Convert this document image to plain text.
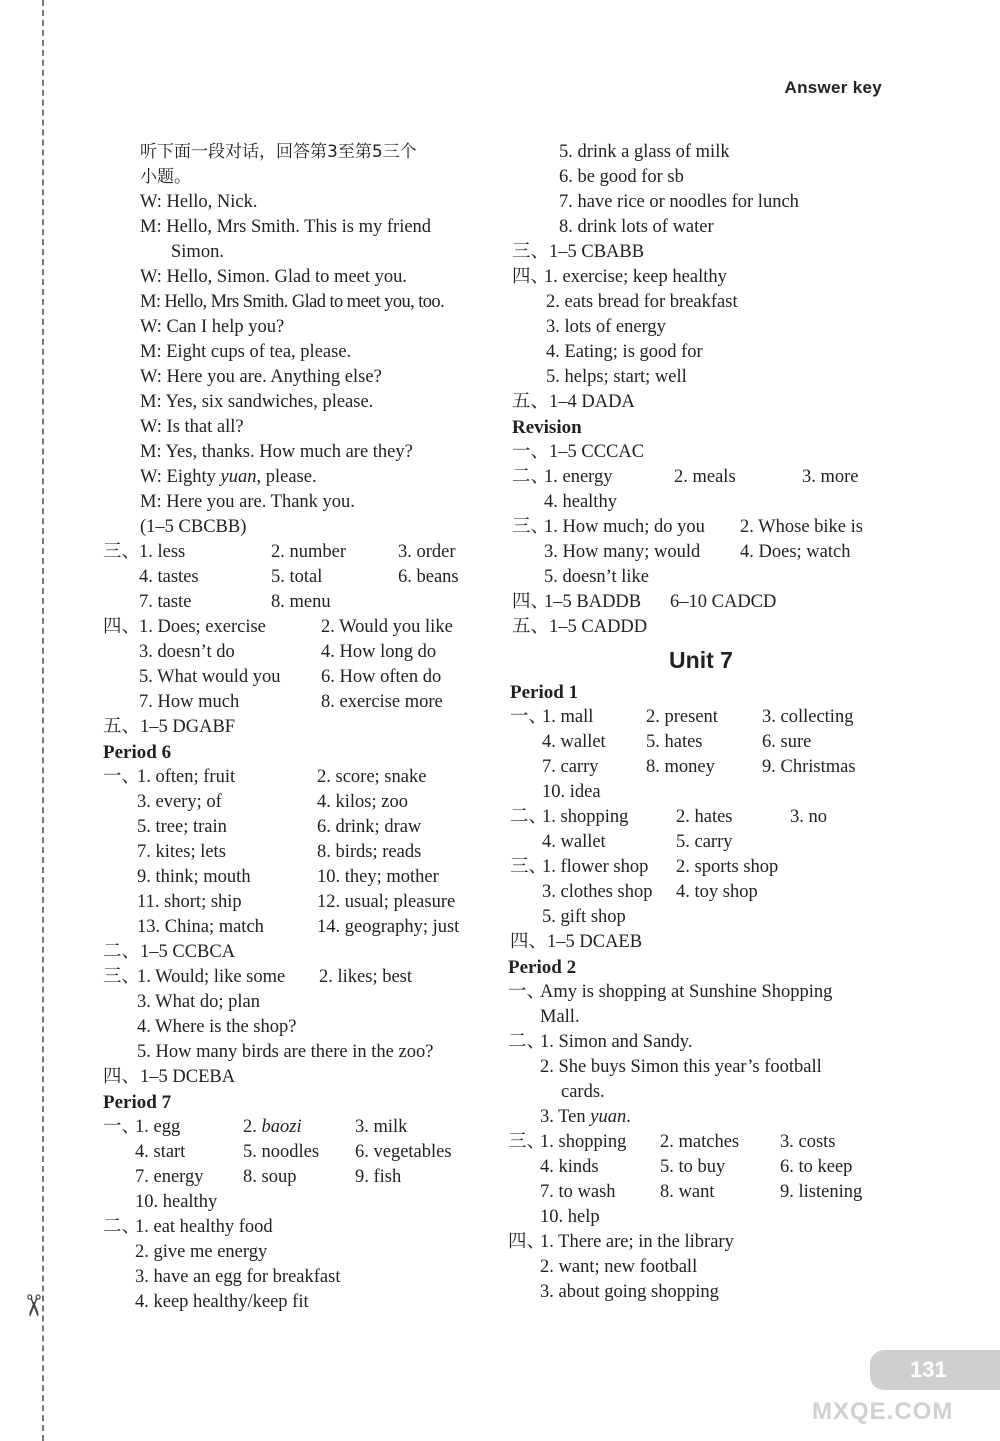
✂
Answer key
听下面一段对话，回答第3至第5三个
小题。
W: Hello, Nick.
M: Hello, Mrs Smith. This is my friend
Simon.
W: Hello, Simon. Glad to meet you.
M: Hello, Mrs Smith. Glad to meet you, too.
W: Can I help you?
M: Eight cups of tea, please.
W: Here you are. Anything else?
M: Yes, six sandwiches, please.
W: Is that all?
M: Yes, thanks. How much are they?
W: Eighty yuan, please.
M: Here you are. Thank you.
(1–5 CBCBB)
三、
1. less	2. number	3. order
4. tastes	5. total	6. beans
7. taste	8. menu
四、
1. Does; exercise	2. Would you like
3. doesn’t do	4. How long do
5. What would you 6. How often do
7. How much	8. exercise more
五、1–5 DGABF
Period 6
一、
1. often; fruit	2. score; snake
3. every; of	4. kilos; zoo
5. tree; train	6. drink; draw
7. kites; lets	8. birds; reads
9. think; mouth	10. they; mother
11. short; ship	12. usual; pleasure
13. China; match	14. geography; just
二、1–5 CCBCA
三、
1. Would; like some 2. likes; best
3. What do; plan
4. Where is the shop?
5. How many birds are there in the zoo?
四、1–5 DCEBA
Period 7
一、
1. egg	2. baozi	3. milk
4. start	5. noodles 6. vegetables
7. energy 8. soup	9. fish
10. healthy
二、
1. eat healthy food
2. give me energy
3. have an egg for breakfast
4. keep healthy/keep fit
5. drink a glass of milk
6. be good for sb
7. have rice or noodles for lunch
8. drink lots of water
三、1–5 CBABB
四、
1. exercise; keep healthy
2. eats bread for breakfast
3. lots of energy
4. Eating; is good for
5. helps; start; well
五、1–4 DADA
Revision
一、1–5 CCCAC
二、
1. energy	2. meals	3. more
4. healthy
三、
1. How much; do you 2. Whose bike is
3. How many; would 4. Does; watch
5. doesn’t like
四、
1–5 BADDB 6–10 CADCD
五、1–5 CADDD
Unit 7
Period 1
一、
1. mall	2. present 3. collecting
4. wallet 5. hates	6. sure
7. carry	8. money	9. Christmas
10. idea
二、
1. shopping	2. hates	3. no
4. wallet	5. carry
三、
1. flower shop 2. sports shop
3. clothes shop 4. toy shop
5. gift shop
四、1–5 DCAEB
Period 2
一、
Amy is shopping at Sunshine Shopping
Mall.
二、
1. Simon and Sandy.
2. She buys Simon this year’s football
cards.
3. Ten yuan.
三、
1. shopping 2. matches 3. costs
4. kinds	5. to buy	6. to keep
7. to wash 8. want	9. listening
10. help
四、
1. There are; in the library
2. want; new football
3. about going shopping
131
MXQE.COM
